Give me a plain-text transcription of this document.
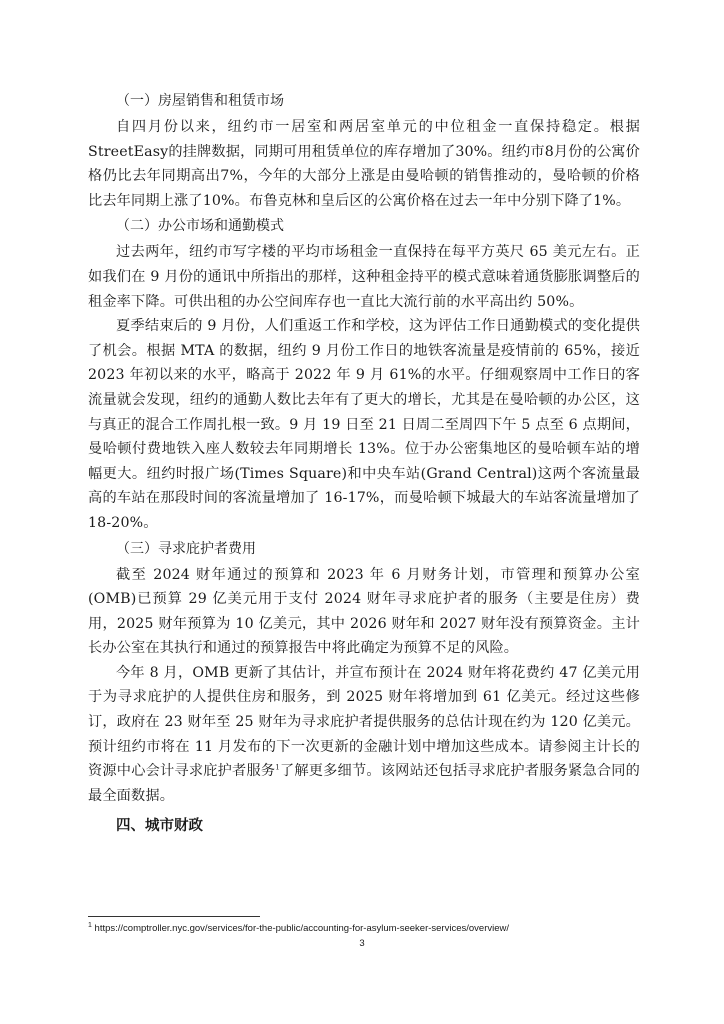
（一）房屋销售和租赁市场

自四月份以来，纽约市一居室和两居室单元的中位租金一直保持稳定。根据StreetEasy的挂牌数据，同期可用租赁单位的库存增加了30%。纽约市8月份的公寓价格仍比去年同期高出7%，今年的大部分上涨是由曼哈顿的销售推动的，曼哈顿的价格比去年同期上涨了10%。布鲁克林和皇后区的公寓价格在过去一年中分别下降了1%。

（二）办公市场和通勤模式

过去两年，纽约市写字楼的平均市场租金一直保持在每平方英尺 65 美元左右。正如我们在 9 月份的通讯中所指出的那样，这种租金持平的模式意味着通货膨胀调整后的租金率下降。可供出租的办公空间库存也一直比大流行前的水平高出约 50%。

夏季结束后的 9 月份，人们重返工作和学校，这为评估工作日通勤模式的变化提供了机会。根据 MTA 的数据，纽约 9 月份工作日的地铁客流量是疫情前的 65%，接近 2023 年初以来的水平，略高于 2022 年 9 月 61%的水平。仔细观察周中工作日的客流量就会发现，纽约的通勤人数比去年有了更大的增长，尤其是在曼哈顿的办公区，这与真正的混合工作周扎根一致。9 月 19 日至 21 日周二至周四下午 5 点至 6 点期间，曼哈顿付费地铁入座人数较去年同期增长 13%。位于办公密集地区的曼哈顿车站的增幅更大。纽约时报广场(Times Square)和中央车站(Grand Central)这两个客流量最高的车站在那段时间的客流量增加了 16-17%，而曼哈顿下城最大的车站客流量增加了 18-20%。

（三）寻求庇护者费用

截至 2024 财年通过的预算和 2023 年 6 月财务计划，市管理和预算办公室(OMB)已预算 29 亿美元用于支付 2024 财年寻求庇护者的服务（主要是住房）费用，2025 财年预算为 10 亿美元，其中 2026 财年和 2027 财年没有预算资金。主计长办公室在其执行和通过的预算报告中将此确定为预算不足的风险。

今年 8 月，OMB 更新了其估计，并宣布预计在 2024 财年将花费约 47 亿美元用于为寻求庇护的人提供住房和服务，到 2025 财年将增加到 61 亿美元。经过这些修订，政府在 23 财年至 25 财年为寻求庇护者提供服务的总估计现在约为 120 亿美元。预计纽约市将在 11 月发布的下一次更新的金融计划中增加这些成本。请参阅主计长的资源中心会计寻求庇护者服务$^1$了解更多细节。该网站还包括寻求庇护者服务紧急合同的最全面数据。

四、城市财政

$^1$ https://comptroller.nyc.gov/services/for-the-public/accounting-for-asylum-seeker-services/overview/
3
